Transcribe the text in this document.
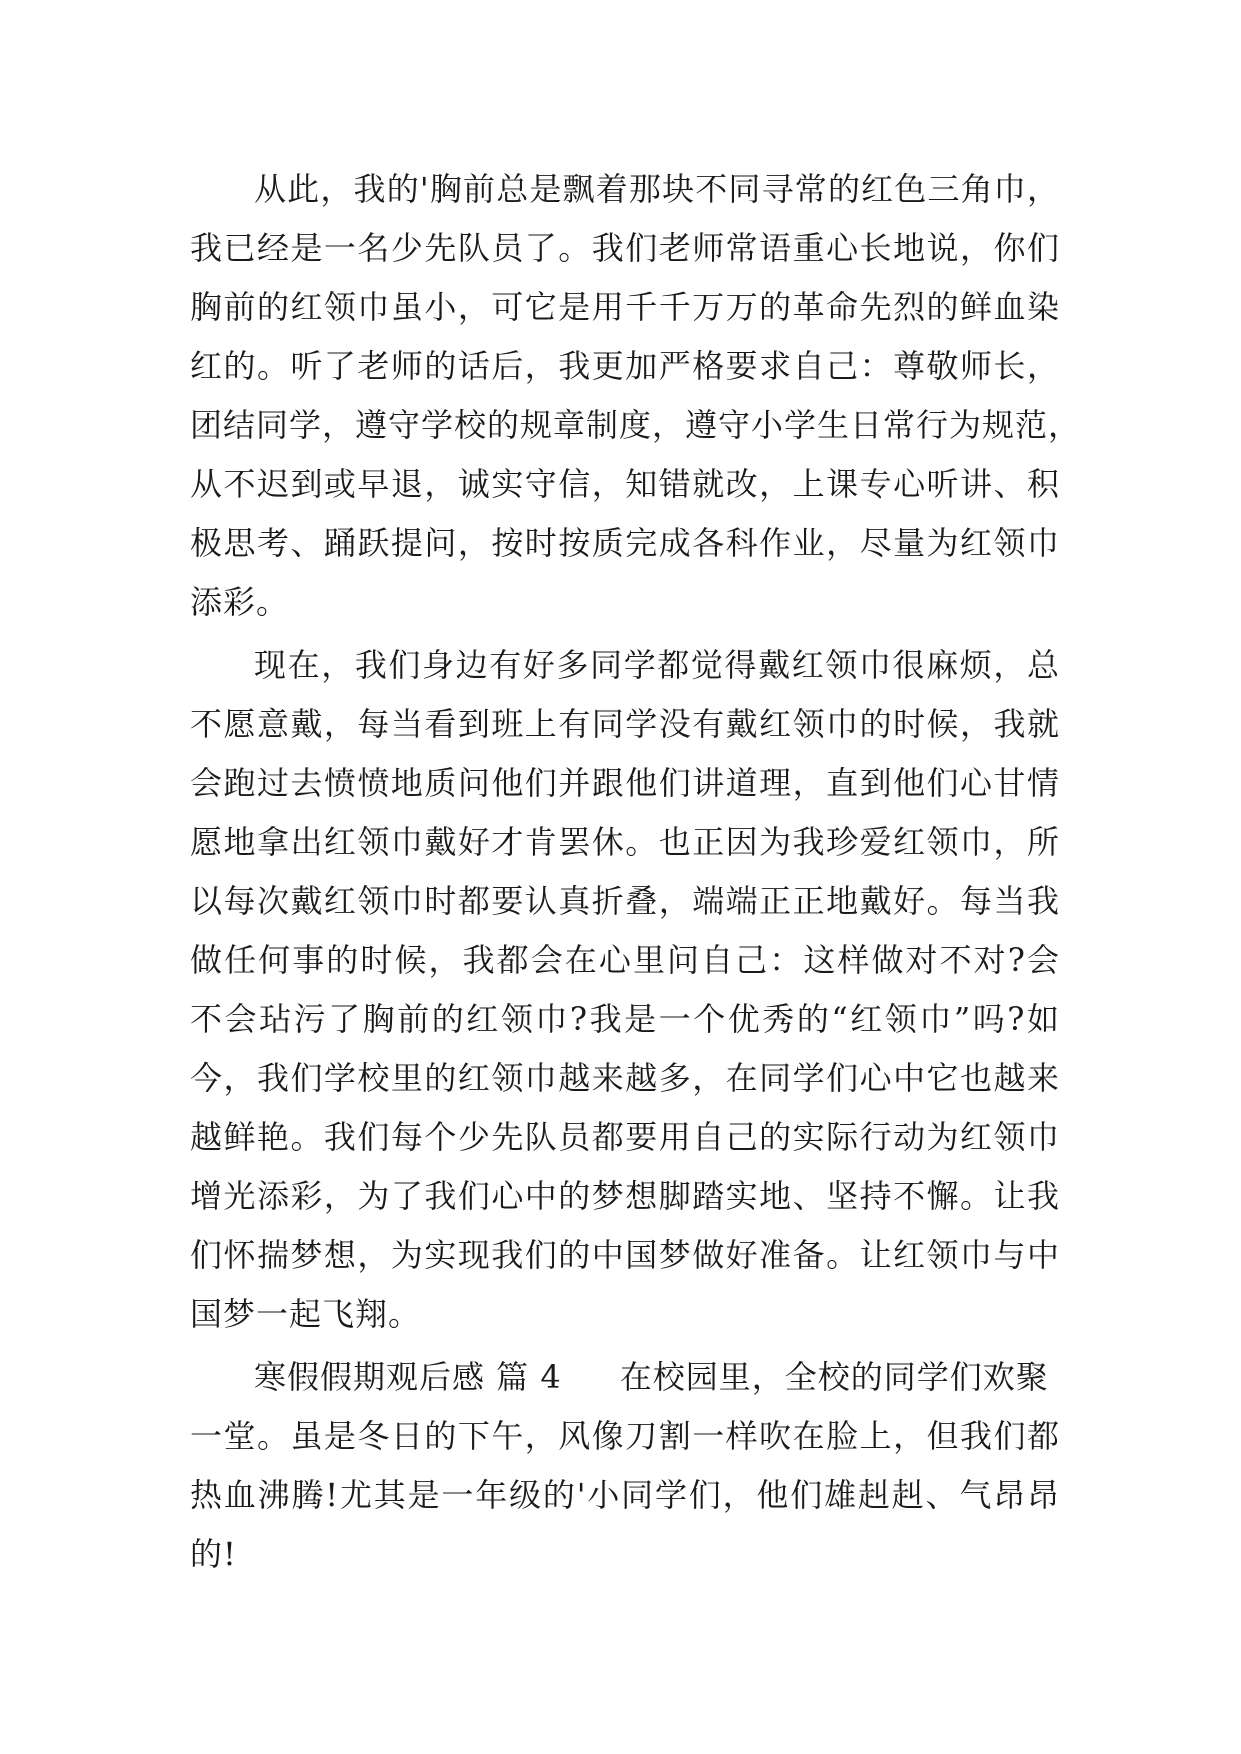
从此，我的'胸前总是飘着那块不同寻常的红色三角巾，
我已经是一名少先队员了。我们老师常语重心长地说，你们
胸前的红领巾虽小，可它是用千千万万的革命先烈的鲜血染
红的。听了老师的话后，我更加严格要求自己：尊敬师长，
团结同学，遵守学校的规章制度，遵守小学生日常行为规范，
从不迟到或早退，诚实守信，知错就改，上课专心听讲、积
极思考、踊跃提问，按时按质完成各科作业，尽量为红领巾
添彩。
现在，我们身边有好多同学都觉得戴红领巾很麻烦，总
不愿意戴，每当看到班上有同学没有戴红领巾的时候，我就
会跑过去愤愤地质问他们并跟他们讲道理，直到他们心甘情
愿地拿出红领巾戴好才肯罢休。也正因为我珍爱红领巾，所
以每次戴红领巾时都要认真折叠，端端正正地戴好。每当我
做任何事的时候，我都会在心里问自己：这样做对不对?会
不会玷污了胸前的红领巾?我是一个优秀的“红领巾”吗?如
今，我们学校里的红领巾越来越多，在同学们心中它也越来
越鲜艳。我们每个少先队员都要用自己的实际行动为红领巾
增光添彩，为了我们心中的梦想脚踏实地、坚持不懈。让我
们怀揣梦想，为实现我们的中国梦做好准备。让红领巾与中
国梦一起飞翔。
寒假假期观后感 篇 4 在校园里，全校的同学们欢聚
一堂。虽是冬日的下午，风像刀割一样吹在脸上，但我们都
热血沸腾!尤其是一年级的'小同学们，他们雄赳赳、气昂昂
的!
